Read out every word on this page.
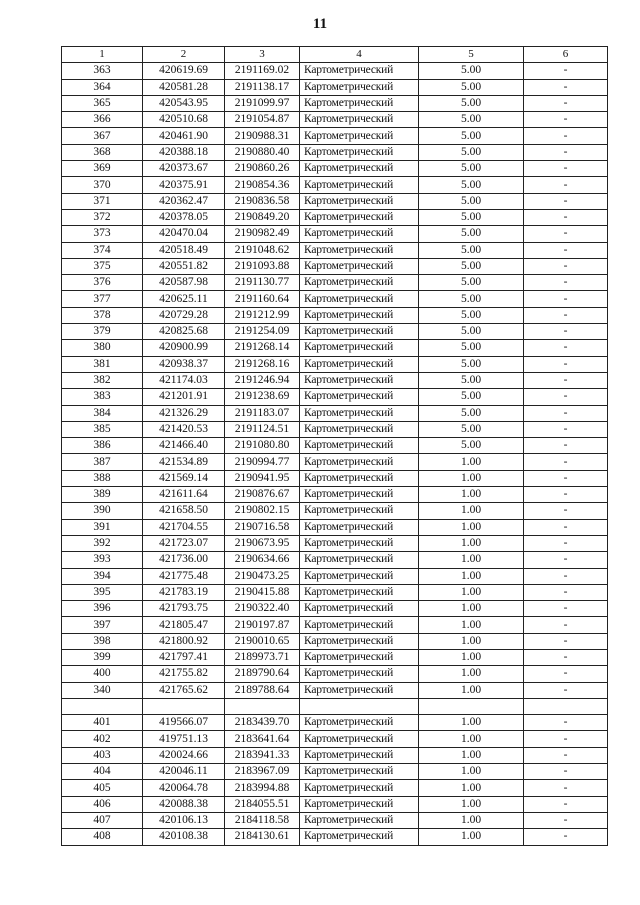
11
1	2	3	4	5	6
363	420619.69	2191169.02	Картометрический	5.00	-
364	420581.28	2191138.17	Картометрический	5.00	-
365	420543.95	2191099.97	Картометрический	5.00	-
366	420510.68	2191054.87	Картометрический	5.00	-
367	420461.90	2190988.31	Картометрический	5.00	-
368	420388.18	2190880.40	Картометрический	5.00	-
369	420373.67	2190860.26	Картометрический	5.00	-
370	420375.91	2190854.36	Картометрический	5.00	-
371	420362.47	2190836.58	Картометрический	5.00	-
372	420378.05	2190849.20	Картометрический	5.00	-
373	420470.04	2190982.49	Картометрический	5.00	-
374	420518.49	2191048.62	Картометрический	5.00	-
375	420551.82	2191093.88	Картометрический	5.00	-
376	420587.98	2191130.77	Картометрический	5.00	-
377	420625.11	2191160.64	Картометрический	5.00	-
378	420729.28	2191212.99	Картометрический	5.00	-
379	420825.68	2191254.09	Картометрический	5.00	-
380	420900.99	2191268.14	Картометрический	5.00	-
381	420938.37	2191268.16	Картометрический	5.00	-
382	421174.03	2191246.94	Картометрический	5.00	-
383	421201.91	2191238.69	Картометрический	5.00	-
384	421326.29	2191183.07	Картометрический	5.00	-
385	421420.53	2191124.51	Картометрический	5.00	-
386	421466.40	2191080.80	Картометрический	5.00	-
387	421534.89	2190994.77	Картометрический	1.00	-
388	421569.14	2190941.95	Картометрический	1.00	-
389	421611.64	2190876.67	Картометрический	1.00	-
390	421658.50	2190802.15	Картометрический	1.00	-
391	421704.55	2190716.58	Картометрический	1.00	-
392	421723.07	2190673.95	Картометрический	1.00	-
393	421736.00	2190634.66	Картометрический	1.00	-
394	421775.48	2190473.25	Картометрический	1.00	-
395	421783.19	2190415.88	Картометрический	1.00	-
396	421793.75	2190322.40	Картометрический	1.00	-
397	421805.47	2190197.87	Картометрический	1.00	-
398	421800.92	2190010.65	Картометрический	1.00	-
399	421797.41	2189973.71	Картометрический	1.00	-
400	421755.82	2189790.64	Картометрический	1.00	-
340	421765.62	2189788.64	Картометрический	1.00	-

401	419566.07	2183439.70	Картометрический	1.00	-
402	419751.13	2183641.64	Картометрический	1.00	-
403	420024.66	2183941.33	Картометрический	1.00	-
404	420046.11	2183967.09	Картометрический	1.00	-
405	420064.78	2183994.88	Картометрический	1.00	-
406	420088.38	2184055.51	Картометрический	1.00	-
407	420106.13	2184118.58	Картометрический	1.00	-
408	420108.38	2184130.61	Картометрический	1.00	-
